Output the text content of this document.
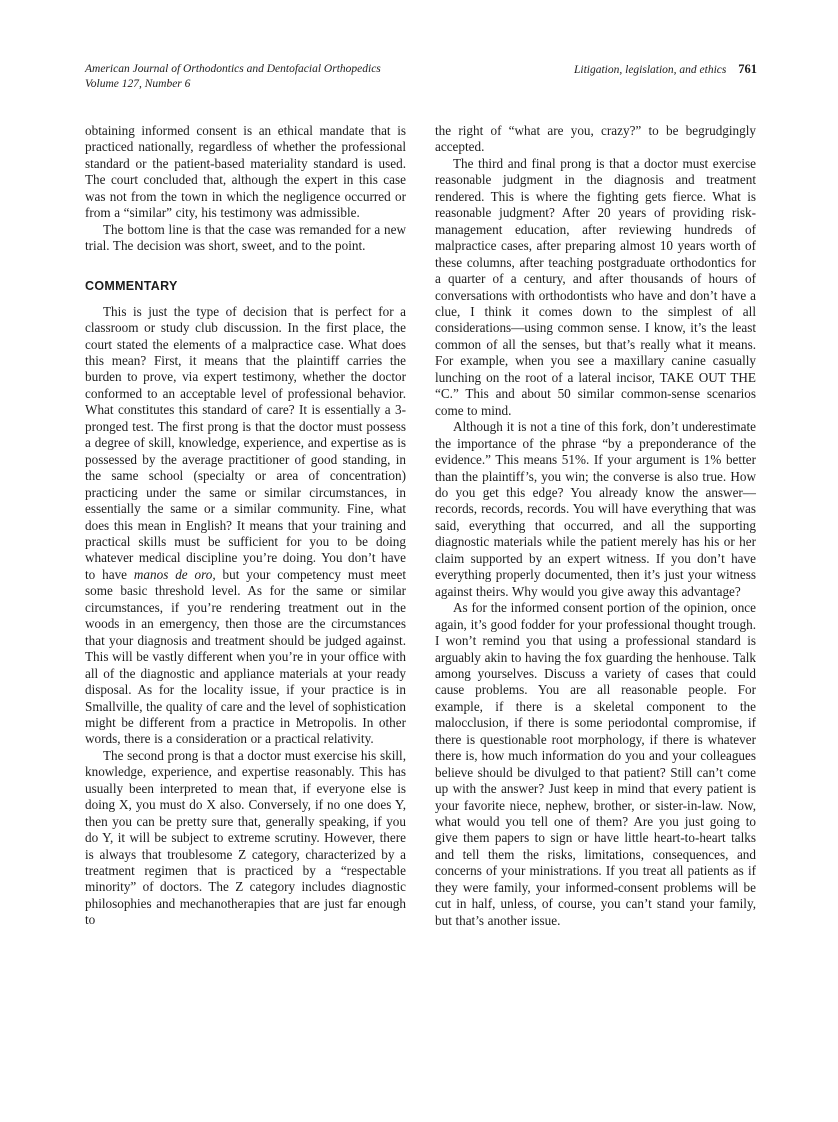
American Journal of Orthodontics and Dentofacial Orthopedics
Volume 127, Number 6
Litigation, legislation, and ethics 761

obtaining informed consent is an ethical mandate that is practiced nationally, regardless of whether the professional standard or the patient-based materiality standard is used. The court concluded that, although the expert in this case was not from the town in which the negligence occurred or from a “similar” city, his testimony was admissible.

The bottom line is that the case was remanded for a new trial. The decision was short, sweet, and to the point.

COMMENTARY

This is just the type of decision that is perfect for a classroom or study club discussion. In the first place, the court stated the elements of a malpractice case. What does this mean? First, it means that the plaintiff carries the burden to prove, via expert testimony, whether the doctor conformed to an acceptable level of professional behavior. What constitutes this standard of care? It is essentially a 3-pronged test. The first prong is that the doctor must possess a degree of skill, knowledge, experience, and expertise as is possessed by the average practitioner of good standing, in the same school (specialty or area of concentration) practicing under the same or similar circumstances, in essentially the same or a similar community. Fine, what does this mean in English? It means that your training and practical skills must be sufficient for you to be doing whatever medical discipline you’re doing. You don’t have to have manos de oro, but your competency must meet some basic threshold level. As for the same or similar circumstances, if you’re rendering treatment out in the woods in an emergency, then those are the circumstances that your diagnosis and treatment should be judged against. This will be vastly different when you’re in your office with all of the diagnostic and appliance materials at your ready disposal. As for the locality issue, if your practice is in Smallville, the quality of care and the level of sophistication might be different from a practice in Metropolis. In other words, there is a consideration or a practical relativity.

The second prong is that a doctor must exercise his skill, knowledge, experience, and expertise reasonably. This has usually been interpreted to mean that, if everyone else is doing X, you must do X also. Conversely, if no one does Y, then you can be pretty sure that, generally speaking, if you do Y, it will be subject to extreme scrutiny. However, there is always that troublesome Z category, characterized by a treatment regimen that is practiced by a “respectable minority” of doctors. The Z category includes diagnostic philosophies and mechanotherapies that are just far enough to

the right of “what are you, crazy?” to be begrudgingly accepted.

The third and final prong is that a doctor must exercise reasonable judgment in the diagnosis and treatment rendered. This is where the fighting gets fierce. What is reasonable judgment? After 20 years of providing risk-management education, after reviewing hundreds of malpractice cases, after preparing almost 10 years worth of these columns, after teaching postgraduate orthodontics for a quarter of a century, and after thousands of hours of conversations with orthodontists who have and don’t have a clue, I think it comes down to the simplest of all considerations—using common sense. I know, it’s the least common of all the senses, but that’s really what it means. For example, when you see a maxillary canine casually lunching on the root of a lateral incisor, TAKE OUT THE “C.” This and about 50 similar common-sense scenarios come to mind.

Although it is not a tine of this fork, don’t underestimate the importance of the phrase “by a preponderance of the evidence.” This means 51%. If your argument is 1% better than the plaintiff’s, you win; the converse is also true. How do you get this edge? You already know the answer—records, records, records. You will have everything that was said, everything that occurred, and all the supporting diagnostic materials while the patient merely has his or her claim supported by an expert witness. If you don’t have everything properly documented, then it’s just your witness against theirs. Why would you give away this advantage?

As for the informed consent portion of the opinion, once again, it’s good fodder for your professional thought trough. I won’t remind you that using a professional standard is arguably akin to having the fox guarding the henhouse. Talk among yourselves. Discuss a variety of cases that could cause problems. You are all reasonable people. For example, if there is a skeletal component to the malocclusion, if there is some periodontal compromise, if there is questionable root morphology, if there is whatever there is, how much information do you and your colleagues believe should be divulged to that patient? Still can’t come up with the answer? Just keep in mind that every patient is your favorite niece, nephew, brother, or sister-in-law. Now, what would you tell one of them? Are you just going to give them papers to sign or have little heart-to-heart talks and tell them the risks, limitations, consequences, and concerns of your ministrations. If you treat all patients as if they were family, your informed-consent problems will be cut in half, unless, of course, you can’t stand your family, but that’s another issue.
